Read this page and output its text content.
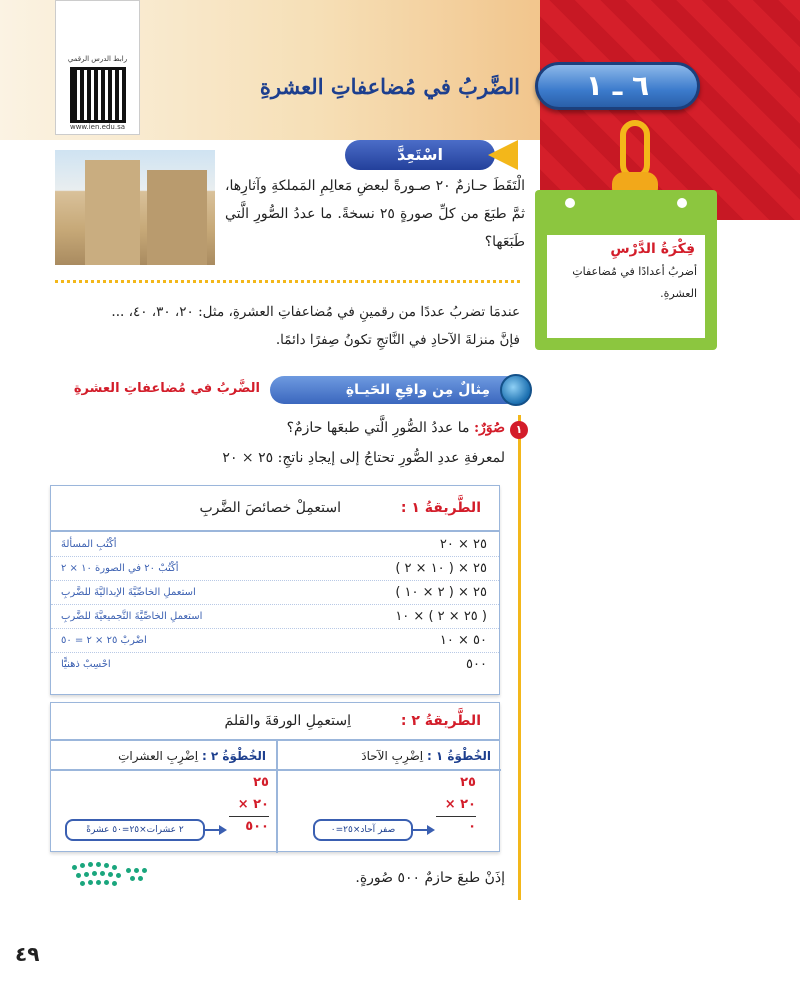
رابط الدرس الرقمي
www.ien.edu.sa
الضَّربُ في مُضاعفاتِ العشرةِ	٦ ـ ١
فِكْرَةُ الدَّرْسِ
أضربُ أعدادًا في مُضاعفاتِ العشرةِ.
اسْتَعِدَّ
الْتَقَطَ حـازمٌ ٢٠ صـورةً لبعضِ مَعالِمِ المَملكةِ وآثارِها، ثمَّ طبَعَ من كلِّ صورةٍ ٢٥ نسخةً. ما عددُ الصُّورِ الَّتي طَبَعَها؟
عندمَا تضربُ عددًا من رقمينِ في مُضاعفاتِ العشرةِ، مثل: ٢٠، ٣٠، ٤٠، ...
فإنَّ منزلةَ الآحادِ في النَّاتجِ تكونُ صِفرًا دائمًا.
مِثالٌ مِن واقِعِ الحَيـاةِ
الضَّربُ في مُضاعفاتِ العشرةِ
١
صُوَرٌ: ما عددُ الصُّورِ الَّتي طبعَها حازمٌ؟
لمعرفةِ عددِ الصُّورِ تحتاجُ إلى إيجادِ ناتجِ: ٢٥ × ٢٠
الطَّريقةُ ١ :
استعمِلْ خصائصَ الضَّربِ
٢٥ × ٢٠
أكْتُبِ المسألةَ
٢٥ × ( ١٠ × ٢ )
أكْتُبْ ٢٠ في الصورة ١٠ × ٢
٢٥ × ( ٢ × ١٠ )
استعملِ الخاصِّيَّةَ الإبداليَّةَ للضَّربِ
( ٢٥ × ٢ ) × ١٠
استعملِ الخاصِّيَّةَ التَّجميعيَّةَ للضَّربِ
٥٠ × ١٠
اضْربْ ٢٥ × ٢ = ٥٠
٥٠٠
احْسِبْ ذهنيًّا
الطَّريقةُ ٢ :
اِستعمِلِ الورقةَ والقلمَ
الخُطْوَةُ ١ : اِضْرِبِ الآحادَ
الخُطْوَةُ ٢ : اِضْرِبِ العشراتِ
٢٥
× ٢٠
٠
صفر آحاد×٢٥=٠
٢٥
× ٢٠
٥٠٠
٢ عشرات×٢٥=٥٠ عشرةً
إذَنْ طبعَ حازمٌ ٥٠٠ صُورةٍ.
٤٩
